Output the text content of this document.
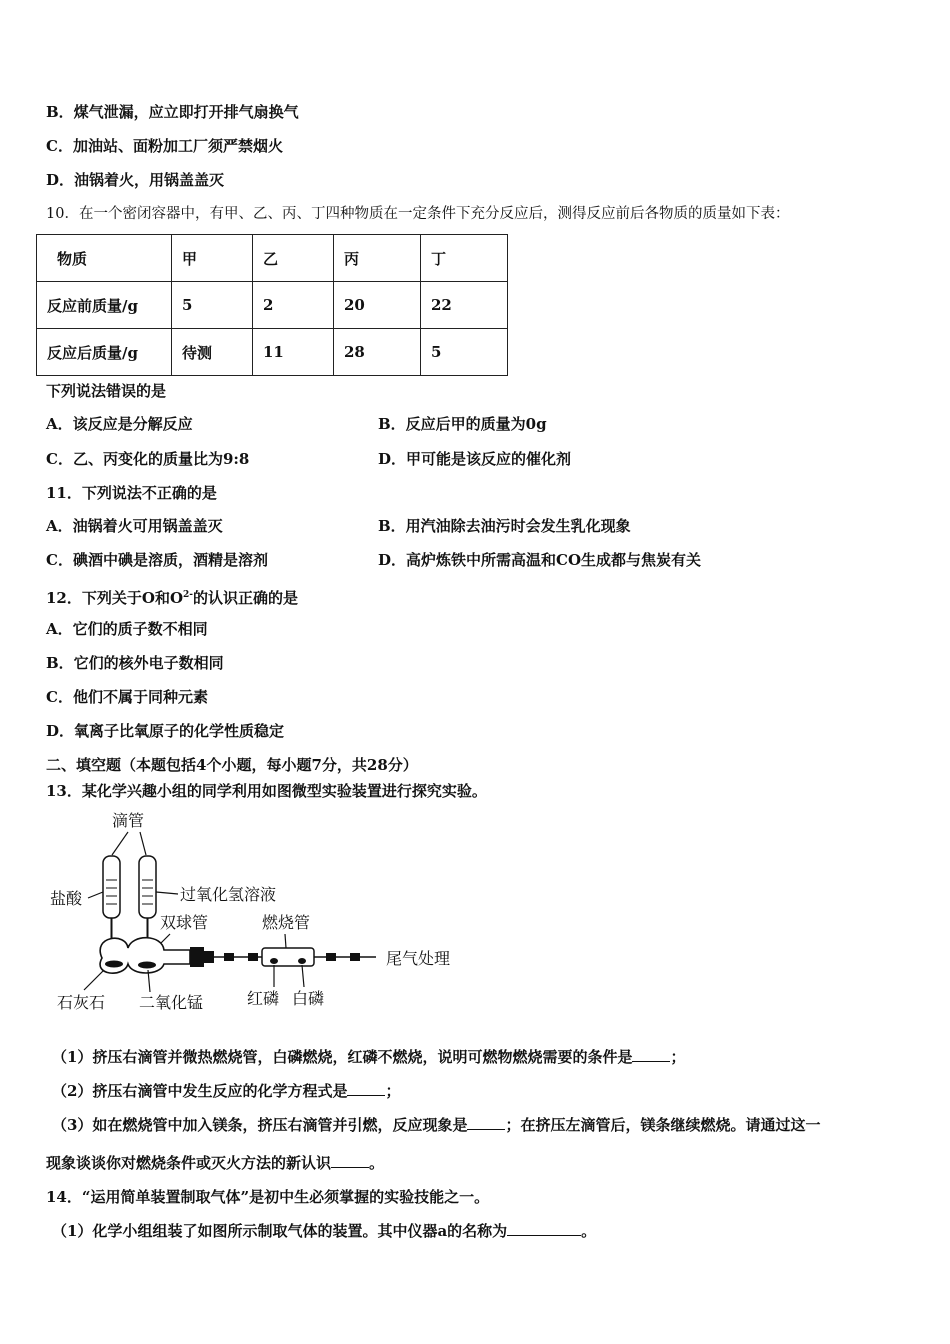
B．煤气泄漏，应立即打开排气扇换气
C．加油站、面粉加工厂须严禁烟火
D．油锅着火，用锅盖盖灭
10．在一个密闭容器中，有甲、乙、丙、丁四种物质在一定条件下充分反应后，测得反应前后各物质的质量如下表：
物质	甲	乙	丙	丁
反应前质量/g	5	2	20	22
反应后质量/g	待测	11	28	5
下列说法错误的是
A．该反应是分解反应	B．反应后甲的质量为0g
C．乙、丙变化的质量比为9:8	D．甲可能是该反应的催化剂
11．下列说法不正确的是
A．油锅着火可用锅盖盖灭	B．用汽油除去油污时会发生乳化现象
C．碘酒中碘是溶质，酒精是溶剂	D．高炉炼铁中所需高温和CO生成都与焦炭有关
12．下列关于O和$O^{2-}$的认识正确的是
A．它们的质子数不相同
B．它们的核外电子数相同
C．他们不属于同种元素
D．氧离子比氧原子的化学性质稳定
二、填空题（本题包括4个小题，每小题7分，共28分）
13．某化学兴趣小组的同学利用如图微型实验装置进行探究实验。
滴管
盐酸	过氧化氢溶液
双球管
石灰石 二氧化锰
燃烧管
尾气处理
红磷 白磷
（1）挤压右滴管并微热燃烧管，白磷燃烧，红磷不燃烧，说明可燃物燃烧需要的条件是	；
（2）挤压右滴管中发生反应的化学方程式是	；
（3）如在燃烧管中加入镁条，挤压右滴管并引燃，反应现象是	；在挤压左滴管后，镁条继续燃烧。请通过这一
现象谈谈你对燃烧条件或灭火方法的新认识	。
14．“运用简单装置制取气体”是初中生必须掌握的实验技能之一。
（1）化学小组组装了如图所示制取气体的装置。其中仪器a的名称为	。
